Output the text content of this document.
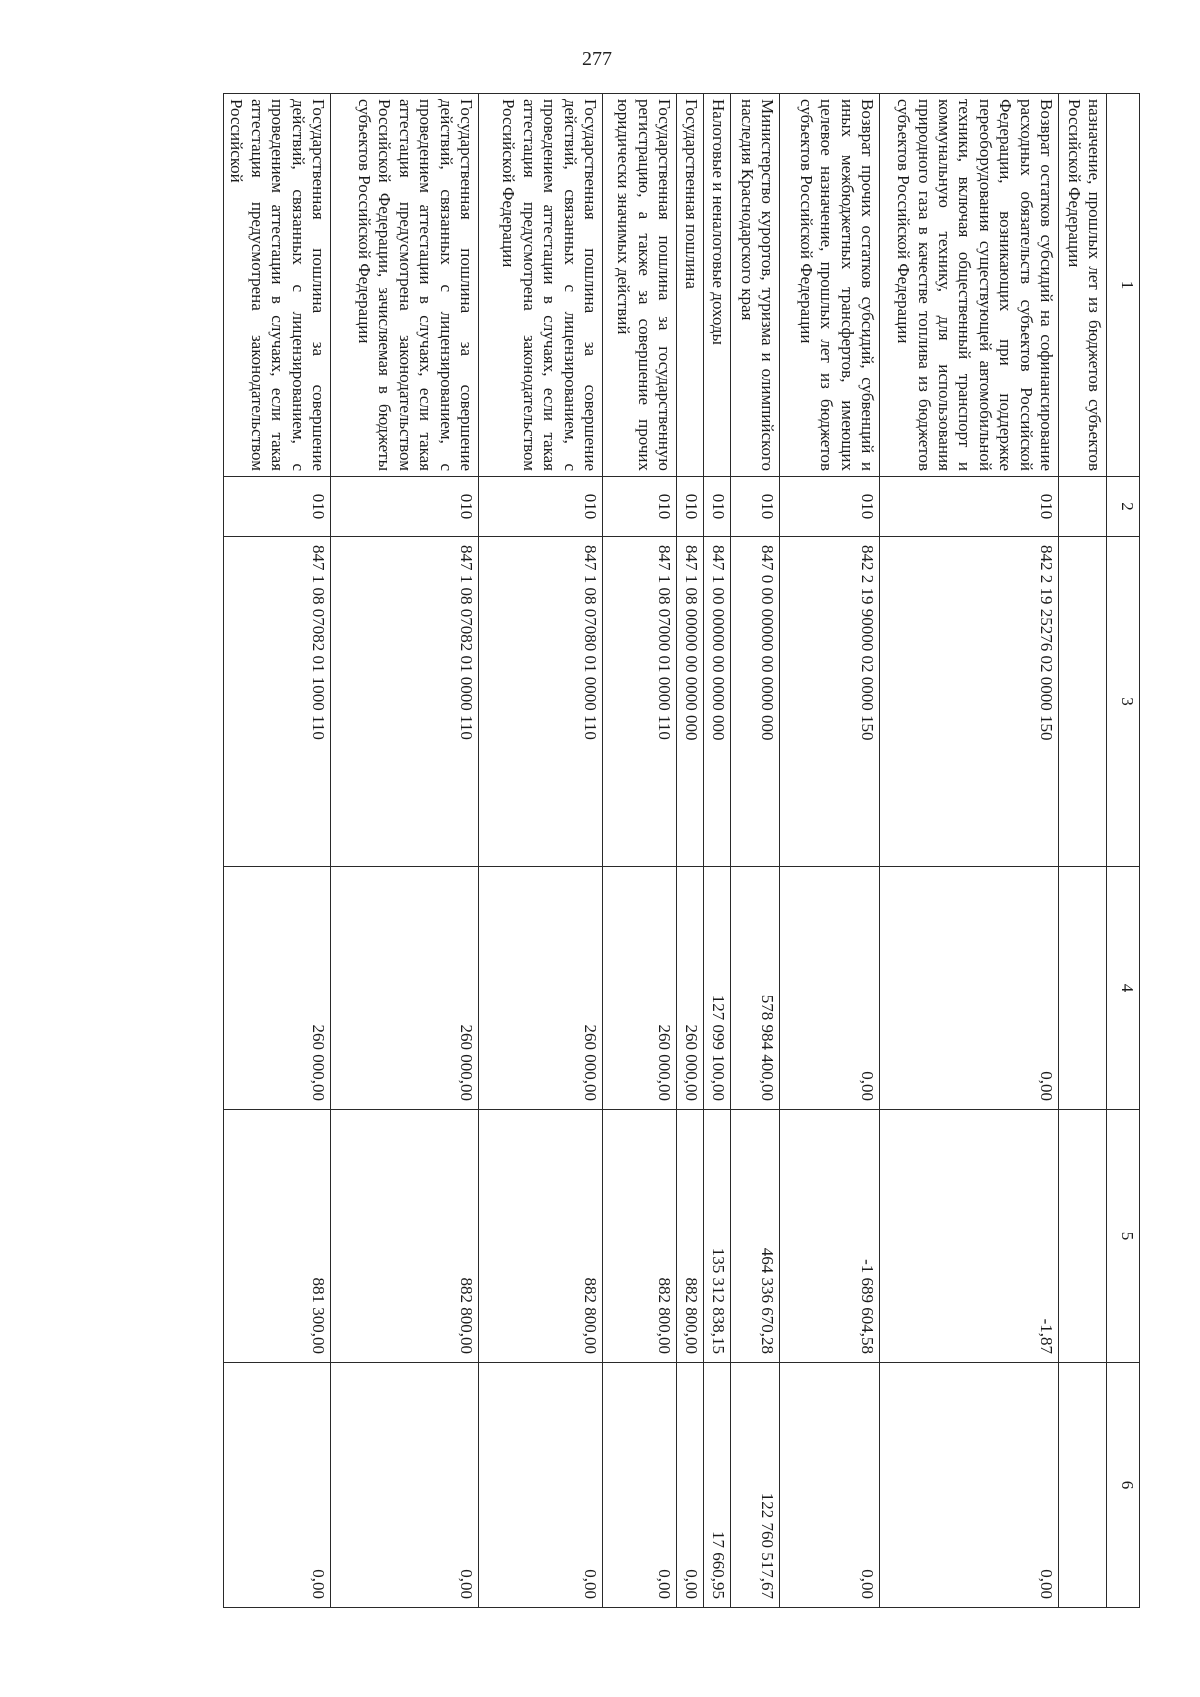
277
1	2	3	4	5	6
назначение, прошлых лет из бюджетов субъектов Российской Федерации					
Возврат остатков субсидий на софинансирование расходных обязательств субъектов Российской Федерации, возникающих при поддержке переоборудования существующей автомобильной техники, включая общественный транспорт и коммунальную технику, для использования природного газа в качестве топлива из бюджетов субъектов Российской Федерации	010	842 2 19 25276 02 0000 150	0,00	-1,87	0,00
Возврат прочих остатков субсидий, субвенций и иных межбюджетных трансфертов, имеющих целевое назначение, прошлых лет из бюджетов субъектов Российской Федерации	010	842 2 19 90000 02 0000 150	0,00	-1 689 604,58	0,00
Министерство курортов, туризма и олимпийского наследия Краснодарского края	010	847 0 00 00000 00 0000 000	578 984 400,00	464 336 670,28	122 760 517,67
Налоговые и неналоговые доходы	010	847 1 00 00000 00 0000 000	127 099 100,00	135 312 838,15	17 660,95
Государственная пошлина	010	847 1 08 00000 00 0000 000	260 000,00	882 800,00	0,00
Государственная пошлина за государственную регистрацию, а также за совершение прочих юридически значимых действий	010	847 1 08 07000 01 0000 110	260 000,00	882 800,00	0,00
Государственная пошлина за совершение действий, связанных с лицензированием, с проведением аттестации в случаях, если такая аттестация предусмотрена законодательством Российской Федерации	010	847 1 08 07080 01 0000 110	260 000,00	882 800,00	0,00
Государственная пошлина за совершение действий, связанных с лицензированием, с проведением аттестации в случаях, если такая аттестация предусмотрена законодательством Российской Федерации, зачисляемая в бюджеты субъектов Российской Федерации	010	847 1 08 07082 01 0000 110	260 000,00	882 800,00	0,00
Государственная пошлина за совершение действий, связанных с лицензированием, с проведением аттестации в случаях, если такая аттестация предусмотрена законодательством Российской	010	847 1 08 07082 01 1000 110	260 000,00	881 300,00	0,00
